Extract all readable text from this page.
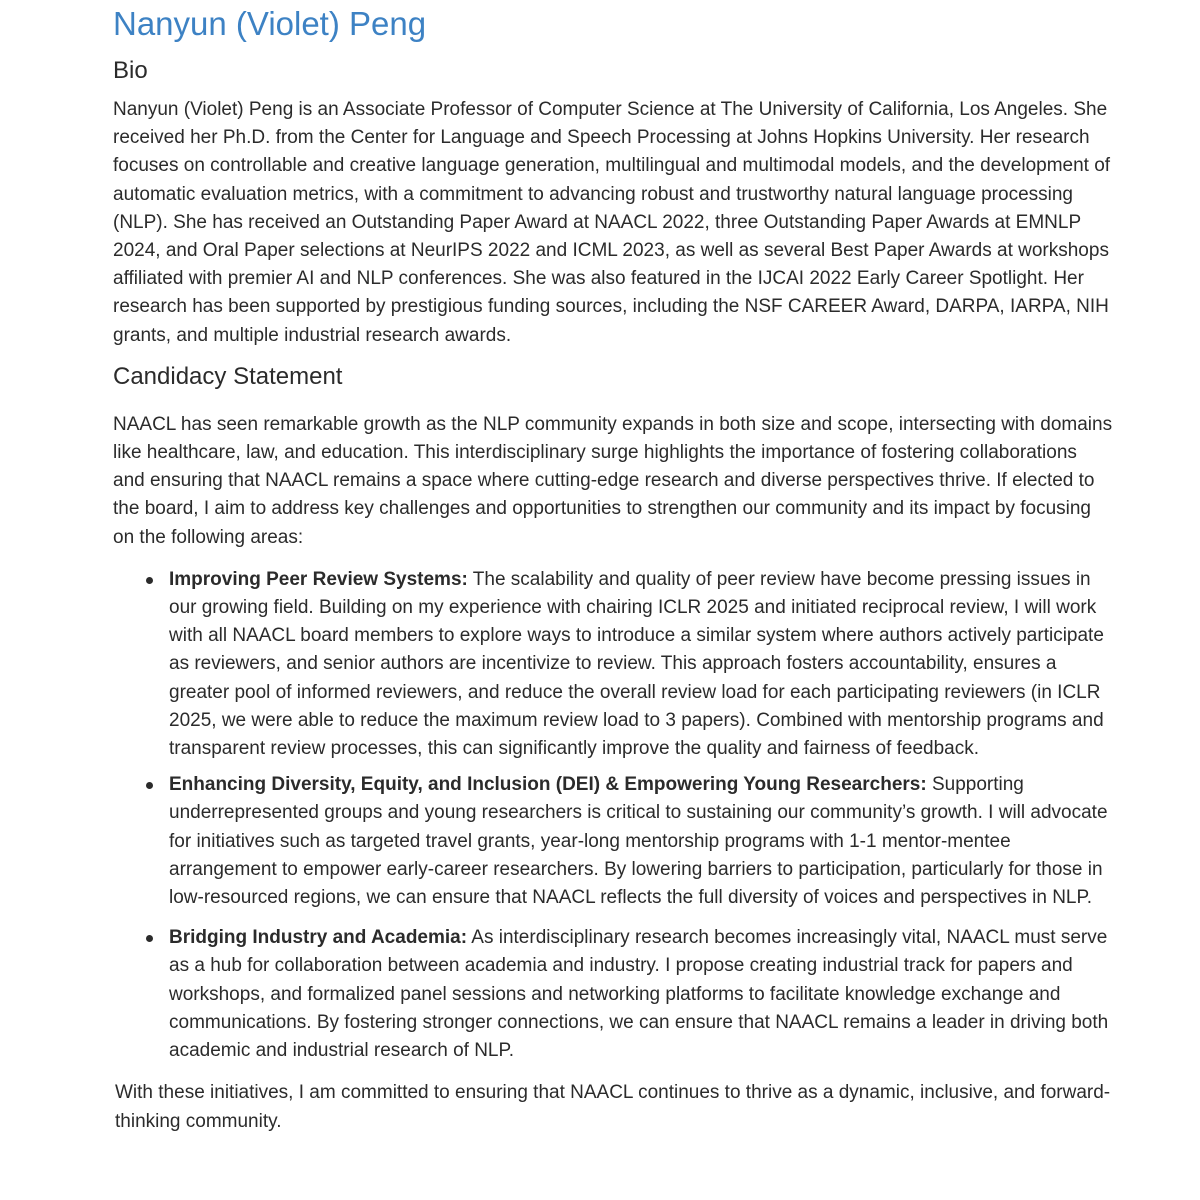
Nanyun (Violet) Peng
Bio

Nanyun (Violet) Peng is an Associate Professor of Computer Science at The University of California, Los Angeles. She received her Ph.D. from the Center for Language and Speech Processing at Johns Hopkins University. Her research focuses on controllable and creative language generation, multilingual and multimodal models, and the development of automatic evaluation metrics, with a commitment to advancing robust and trustworthy natural language processing (NLP). She has received an Outstanding Paper Award at NAACL 2022, three Outstanding Paper Awards at EMNLP 2024, and Oral Paper selections at NeurIPS 2022 and ICML 2023, as well as several Best Paper Awards at workshops affiliated with premier AI and NLP conferences. She was also featured in the IJCAI 2022 Early Career Spotlight. Her research has been supported by prestigious funding sources, including the NSF CAREER Award, DARPA, IARPA, NIH grants, and multiple industrial research awards.

Candidacy Statement

NAACL has seen remarkable growth as the NLP community expands in both size and scope, intersecting with domains like healthcare, law, and education. This interdisciplinary surge highlights the importance of fostering collaborations and ensuring that NAACL remains a space where cutting-edge research and diverse perspectives thrive. If elected to the board, I aim to address key challenges and opportunities to strengthen our community and its impact by focusing on the following areas:

Improving Peer Review Systems: The scalability and quality of peer review have become pressing issues in our growing field. Building on my experience with chairing ICLR 2025 and initiated reciprocal review, I will work with all NAACL board members to explore ways to introduce a similar system where authors actively participate as reviewers, and senior authors are incentivize to review. This approach fosters accountability, ensures a greater pool of informed reviewers, and reduce the overall review load for each participating reviewers (in ICLR 2025, we were able to reduce the maximum review load to 3 papers). Combined with mentorship programs and transparent review processes, this can significantly improve the quality and fairness of feedback.
Enhancing Diversity, Equity, and Inclusion (DEI) & Empowering Young Researchers: Supporting underrepresented groups and young researchers is critical to sustaining our community’s growth. I will advocate for initiatives such as targeted travel grants, year-long mentorship programs with 1-1 mentor-mentee arrangement to empower early-career researchers. By lowering barriers to participation, particularly for those in low-resourced regions, we can ensure that NAACL reflects the full diversity of voices and perspectives in NLP.
Bridging Industry and Academia: As interdisciplinary research becomes increasingly vital, NAACL must serve as a hub for collaboration between academia and industry. I propose creating industrial track for papers and workshops, and formalized panel sessions and networking platforms to facilitate knowledge exchange and communications. By fostering stronger connections, we can ensure that NAACL remains a leader in driving both academic and industrial research of NLP.

With these initiatives, I am committed to ensuring that NAACL continues to thrive as a dynamic, inclusive, and forward-thinking community.
